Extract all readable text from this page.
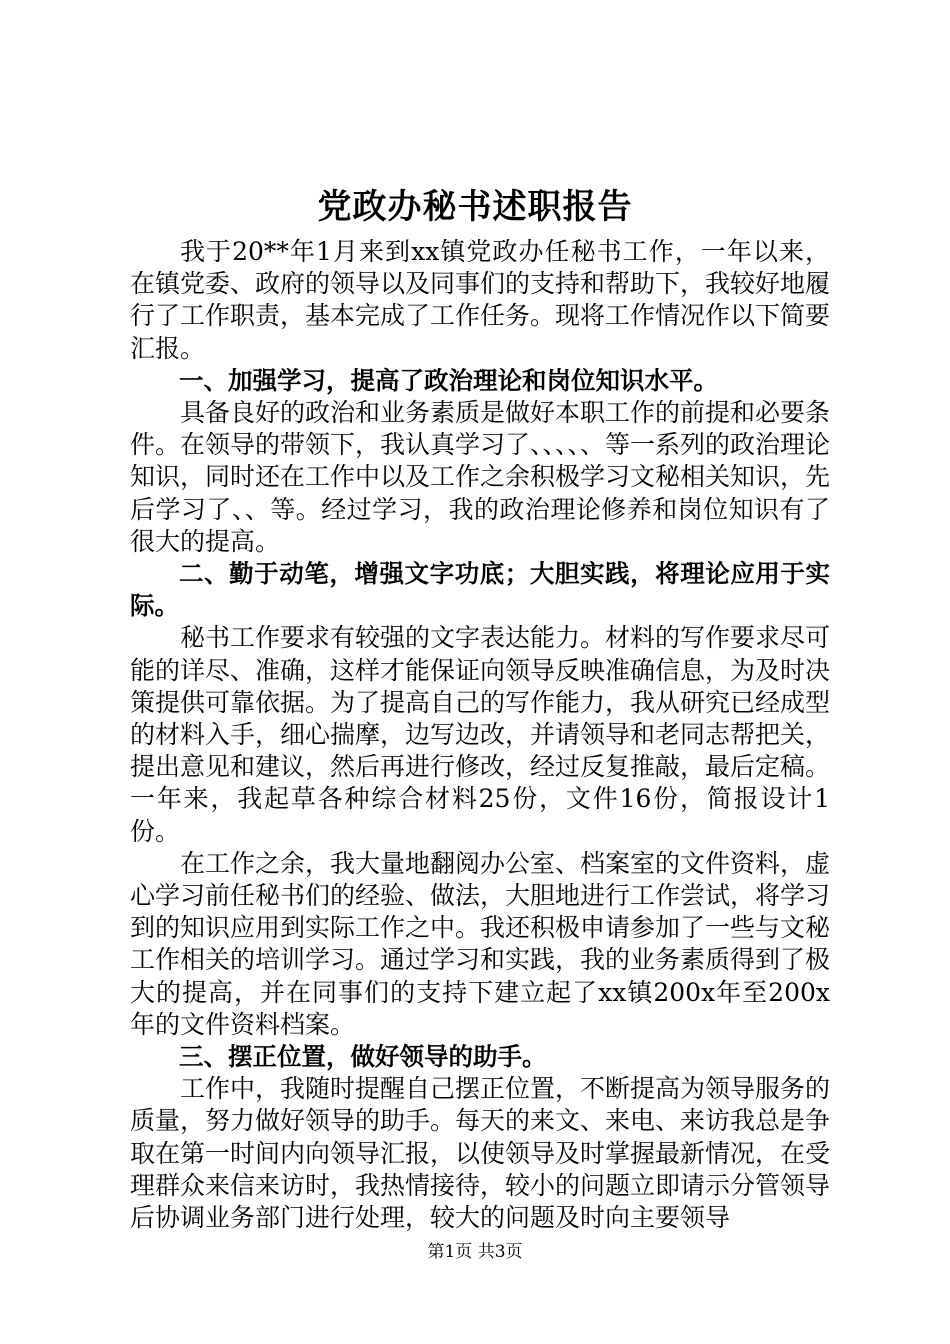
党政办秘书述职报告

我于20**年1月来到xx镇党政办任秘书工作，一年以来，在镇党委、政府的领导以及同事们的支持和帮助下，我较好地履行了工作职责，基本完成了工作任务。现将工作情况作以下简要汇报。

一、加强学习，提高了政治理论和岗位知识水平。

具备良好的政治和业务素质是做好本职工作的前提和必要条件。在领导的带领下，我认真学习了、、、、、等一系列的政治理论知识，同时还在工作中以及工作之余积极学习文秘相关知识，先后学习了、、等。经过学习，我的政治理论修养和岗位知识有了很大的提高。

二、勤于动笔，增强文字功底；大胆实践，将理论应用于实际。

秘书工作要求有较强的文字表达能力。材料的写作要求尽可能的详尽、准确，这样才能保证向领导反映准确信息，为及时决策提供可靠依据。为了提高自己的写作能力，我从研究已经成型的材料入手，细心揣摩，边写边改，并请领导和老同志帮把关，提出意见和建议，然后再进行修改，经过反复推敲，最后定稿。一年来，我起草各种综合材料25份，文件16份，简报设计1份。

在工作之余，我大量地翻阅办公室、档案室的文件资料，虚心学习前任秘书们的经验、做法，大胆地进行工作尝试，将学习到的知识应用到实际工作之中。我还积极申请参加了一些与文秘工作相关的培训学习。通过学习和实践，我的业务素质得到了极大的提高，并在同事们的支持下建立起了xx镇200x年至200x年的文件资料档案。

三、摆正位置，做好领导的助手。

工作中，我随时提醒自己摆正位置，不断提高为领导服务的质量，努力做好领导的助手。每天的来文、来电、来访我总是争取在第一时间内向领导汇报，以使领导及时掌握最新情况，在受理群众来信来访时，我热情接待，较小的问题立即请示分管领导后协调业务部门进行处理，较大的问题及时向主要领导

第1页 共3页
